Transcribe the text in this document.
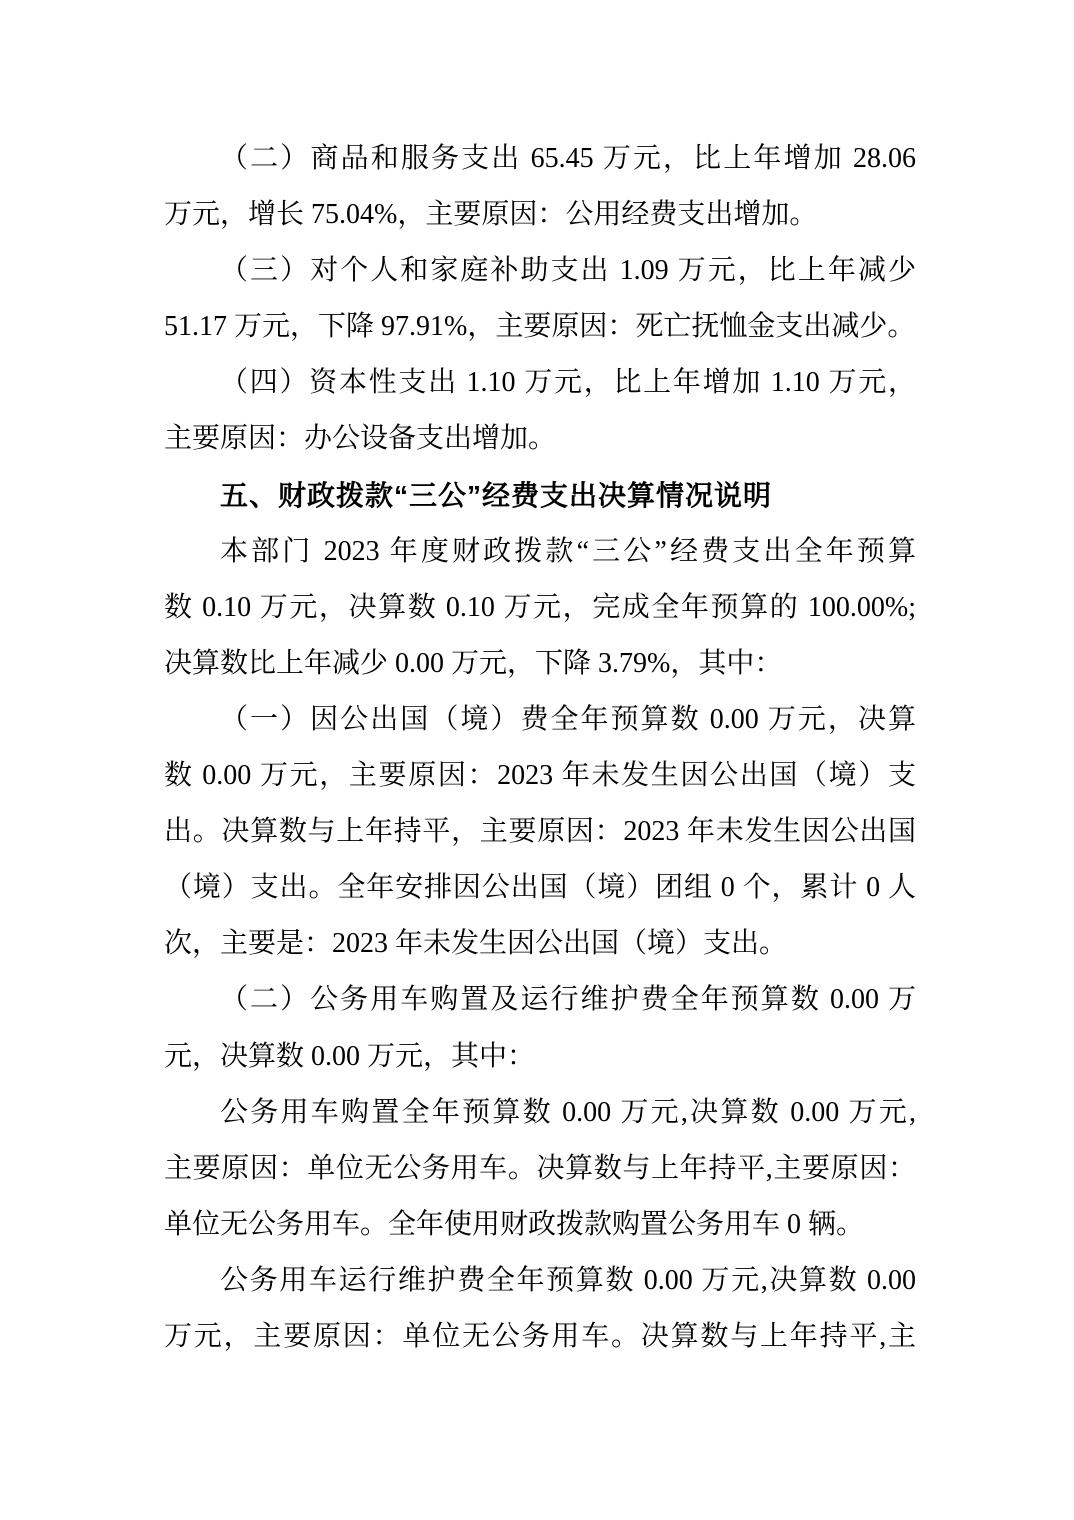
（二）商品和服务支出 65.45 万元，比上年增加 28.06
万元，增长 75.04%，主要原因：公用经费支出增加。
（三）对个人和家庭补助支出 1.09 万元，比上年减少
51.17 万元，下降 97.91%，主要原因：死亡抚恤金支出减少。
（四）资本性支出 1.10 万元，比上年增加 1.10 万元，
主要原因：办公设备支出增加。
五、财政拨款“三公”经费支出决算情况说明
本部门 2023 年度财政拨款“三公”经费支出全年预算
数 0.10 万元，决算数 0.10 万元，完成全年预算的 100.00%;
决算数比上年减少 0.00 万元，下降 3.79%，其中：
（一）因公出国（境）费全年预算数 0.00 万元，决算
数 0.00 万元，主要原因：2023 年未发生因公出国（境）支
出。决算数与上年持平，主要原因：2023 年未发生因公出国
（境）支出。全年安排因公出国（境）团组 0 个，累计 0 人
次，主要是：2023 年未发生因公出国（境）支出。
（二）公务用车购置及运行维护费全年预算数 0.00 万
元，决算数 0.00 万元，其中：
公务用车购置全年预算数 0.00 万元,决算数 0.00 万元,
主要原因：单位无公务用车。决算数与上年持平,主要原因：
单位无公务用车。全年使用财政拨款购置公务用车 0 辆。
公务用车运行维护费全年预算数 0.00 万元,决算数 0.00
万元，主要原因：单位无公务用车。决算数与上年持平,主
